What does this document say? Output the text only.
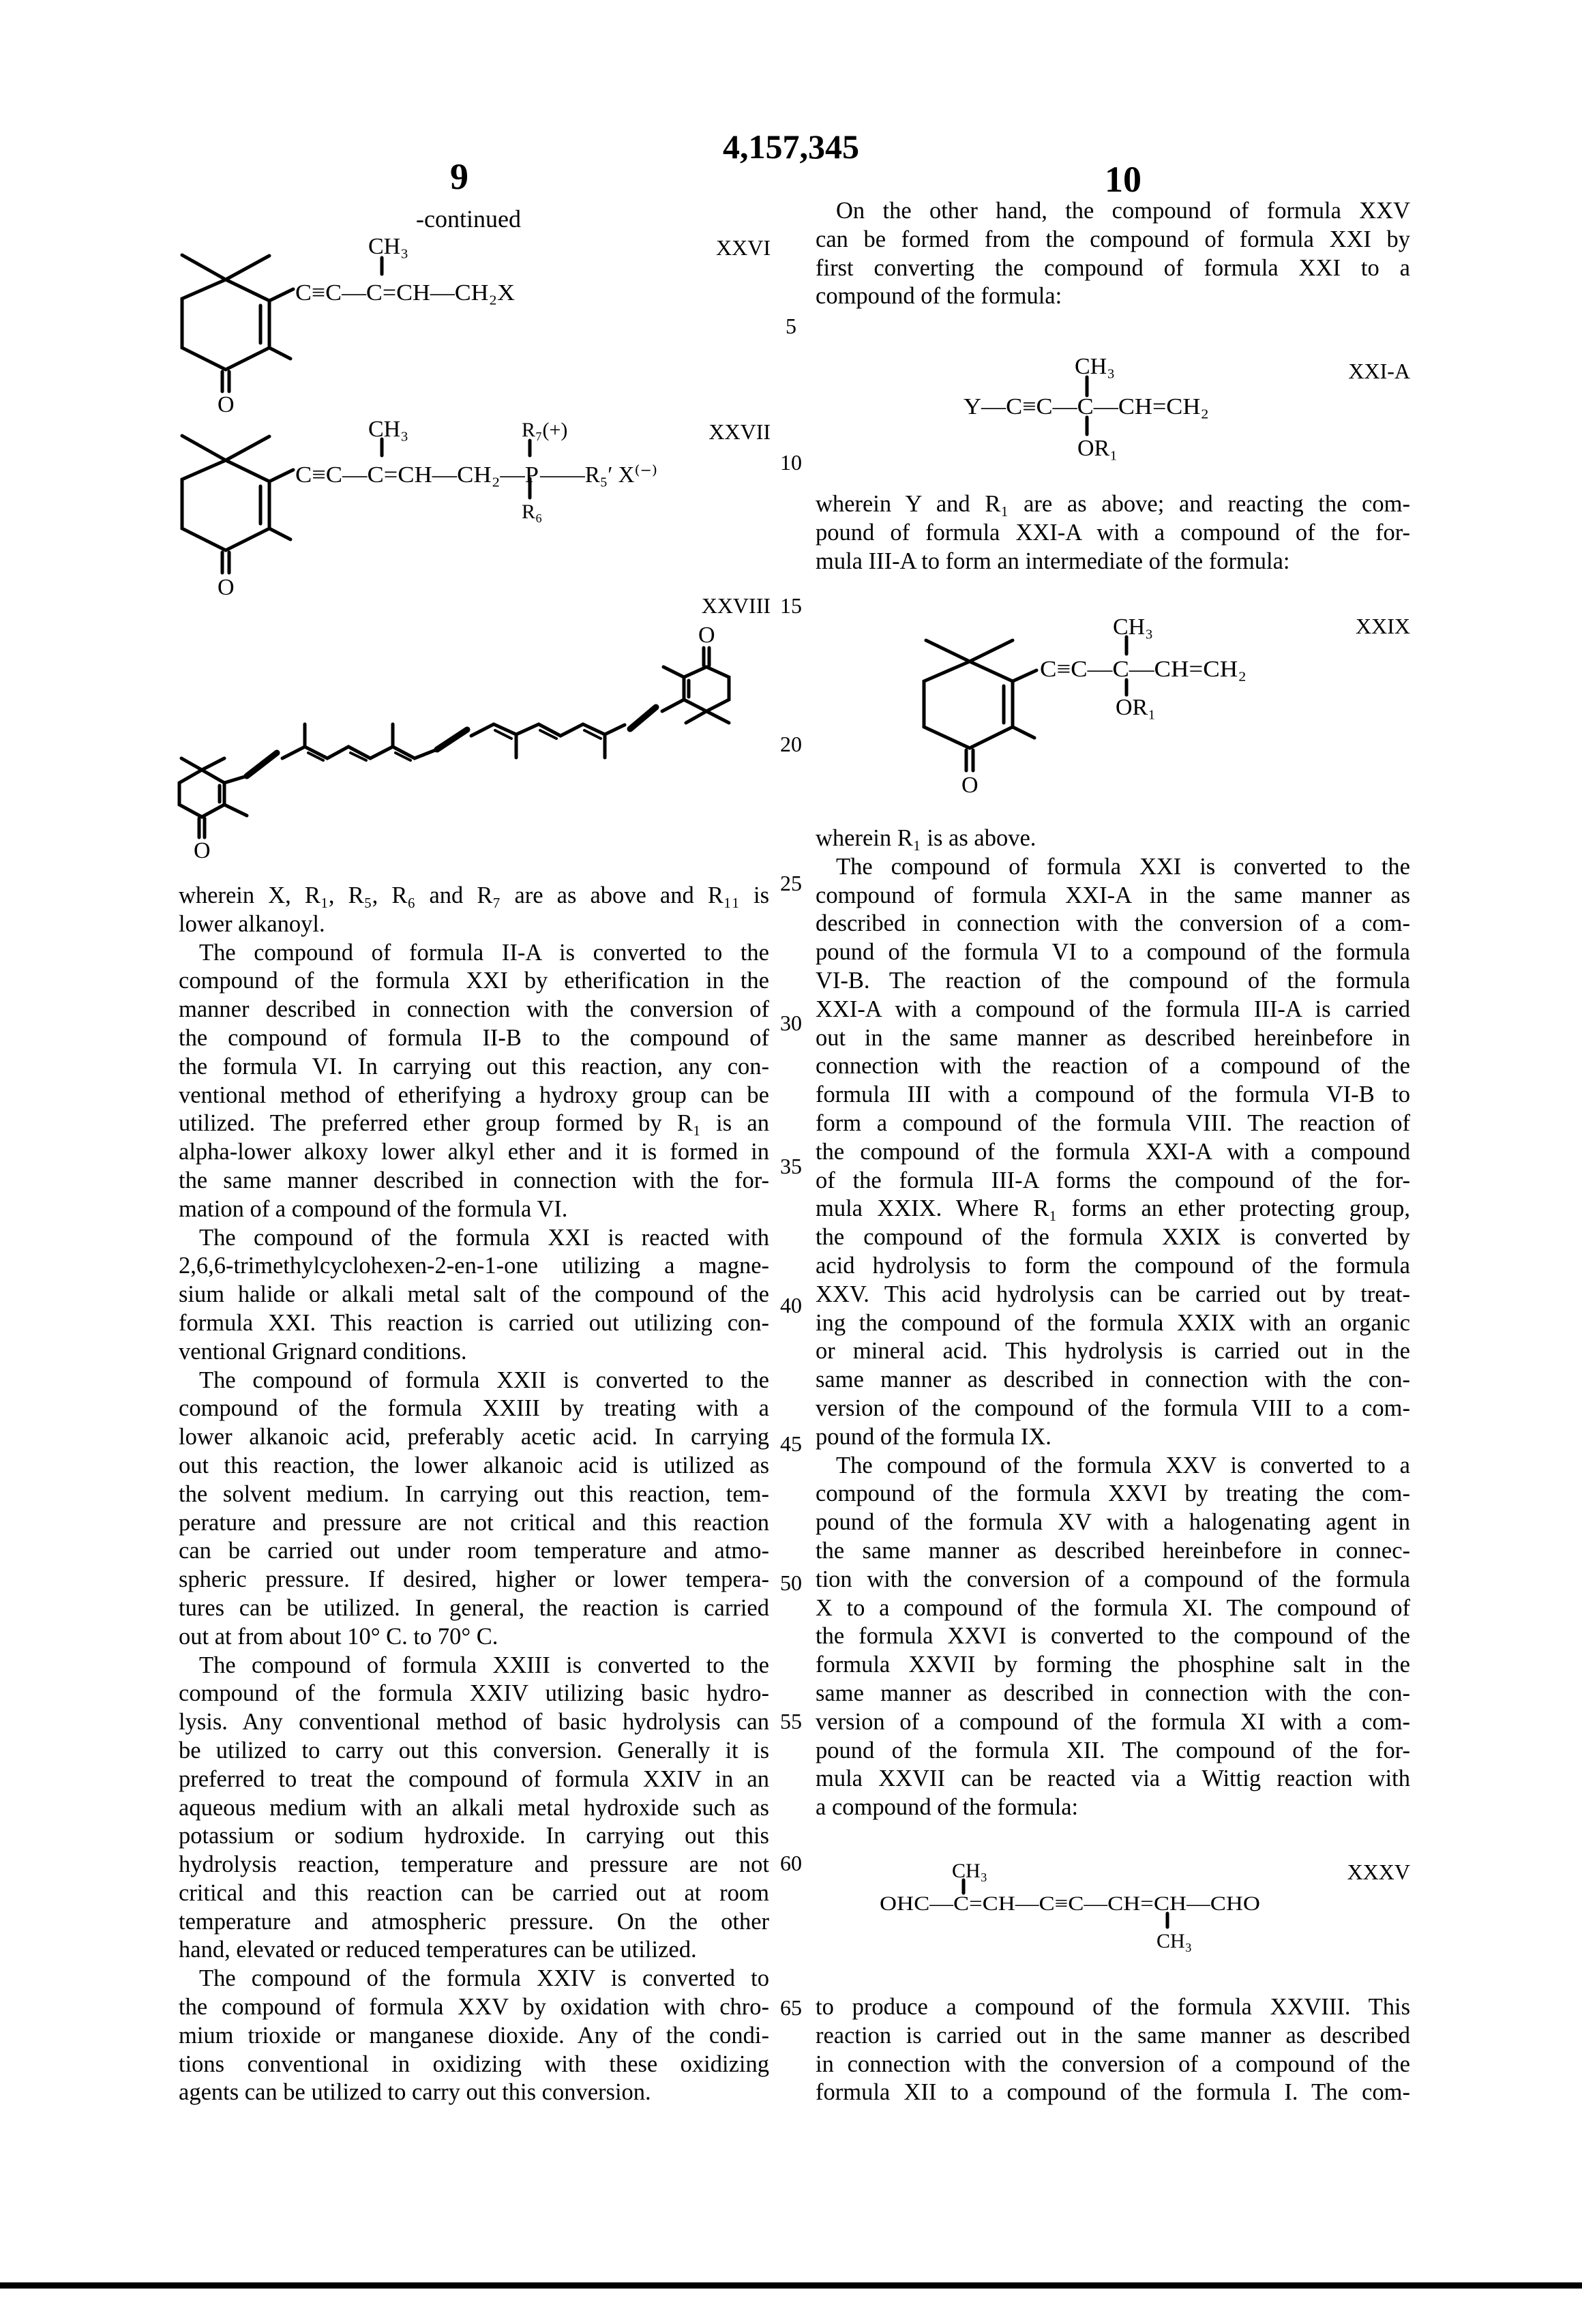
4,157,345
9	10
-continued
XXVI
XXVII
XXVIII
XXI-A
XXIX
XXXV
5
10
15
20
25
30
35
40
45
50
55
60
65
wherein X, R₁, R₅, R₆ and R₇ are as above and R₁₁ is
lower alkanoyl.
The compound of formula II-A is converted to the
compound of the formula XXI by etherification in the
manner described in connection with the conversion of
the compound of formula II-B to the compound of
the formula VI. In carrying out this reaction, any con-
ventional method of etherifying a hydroxy group can be
utilized. The preferred ether group formed by R₁ is an
alpha-lower alkoxy lower alkyl ether and it is formed in
the same manner described in connection with the for-
mation of a compound of the formula VI.
The compound of the formula XXI is reacted with
2,6,6-trimethylcyclohexen-2-en-1-one utilizing a magne-
sium halide or alkali metal salt of the compound of the
formula XXI. This reaction is carried out utilizing con-
ventional Grignard conditions.
The compound of formula XXII is converted to the
compound of the formula XXIII by treating with a
lower alkanoic acid, preferably acetic acid. In carrying
out this reaction, the lower alkanoic acid is utilized as
the solvent medium. In carrying out this reaction, tem-
perature and pressure are not critical and this reaction
can be carried out under room temperature and atmo-
spheric pressure. If desired, higher or lower tempera-
tures can be utilized. In general, the reaction is carried
out at from about 10° C. to 70° C.
The compound of formula XXIII is converted to the
compound of the formula XXIV utilizing basic hydro-
lysis. Any conventional method of basic hydrolysis can
be utilized to carry out this conversion. Generally it is
preferred to treat the compound of formula XXIV in an
aqueous medium with an alkali metal hydroxide such as
potassium or sodium hydroxide. In carrying out this
hydrolysis reaction, temperature and pressure are not
critical and this reaction can be carried out at room
temperature and atmospheric pressure. On the other
hand, elevated or reduced temperatures can be utilized.
The compound of the formula XXIV is converted to
the compound of formula XXV by oxidation with chro-
mium trioxide or manganese dioxide. Any of the condi-
tions conventional in oxidizing with these oxidizing
agents can be utilized to carry out this conversion.
On the other hand, the compound of formula XXV
can be formed from the compound of formula XXI by
first converting the compound of formula XXI to a
compound of the formula:
wherein Y and R₁ are as above; and reacting the com-
pound of formula XXI-A with a compound of the for-
mula III-A to form an intermediate of the formula:
wherein R₁ is as above.
The compound of formula XXI is converted to the
compound of formula XXI-A in the same manner as
described in connection with the conversion of a com-
pound of the formula VI to a compound of the formula
VI-B. The reaction of the compound of the formula
XXI-A with a compound of the formula III-A is carried
out in the same manner as described hereinbefore in
connection with the reaction of a compound of the
formula III with a compound of the formula VI-B to
form a compound of the formula VIII. The reaction of
the compound of the formula XXI-A with a compound
of the formula III-A forms the compound of the for-
mula XXIX. Where R₁ forms an ether protecting group,
the compound of the formula XXIX is converted by
acid hydrolysis to form the compound of the formula
XXV. This acid hydrolysis can be carried out by treat-
ing the compound of the formula XXIX with an organic
or mineral acid. This hydrolysis is carried out in the
same manner as described in connection with the con-
version of the compound of the formula VIII to a com-
pound of the formula IX.
The compound of the formula XXV is converted to a
compound of the formula XXVI by treating the com-
pound of the formula XV with a halogenating agent in
the same manner as described hereinbefore in connec-
tion with the conversion of a compound of the formula
X to a compound of the formula XI. The compound of
the formula XXVI is converted to the compound of the
formula XXVII by forming the phosphine salt in the
same manner as described in connection with the con-
version of a compound of the formula XI with a com-
pound of the formula XII. The compound of the for-
mula XXVII can be reacted via a Wittig reaction with
a compound of the formula:
to produce a compound of the formula XXVIII. This
reaction is carried out in the same manner as described
in connection with the conversion of a compound of the
formula XII to a compound of the formula I. The com-
CH₃
C≡C—C=CH—CH₂X
O
CH₃
C≡C—C=CH—CH₂—P ——R₅′ X⁽⁻⁾
R₇(+)
R₆
O
O
O
CH₃
Y—C≡C—C—CH=CH₂
OR₁
CH₃
C≡C—C—CH=CH₂
OR₁
O
CH₃
OHC—C=CH—C≡C—CH=CH—CHO
CH₃
